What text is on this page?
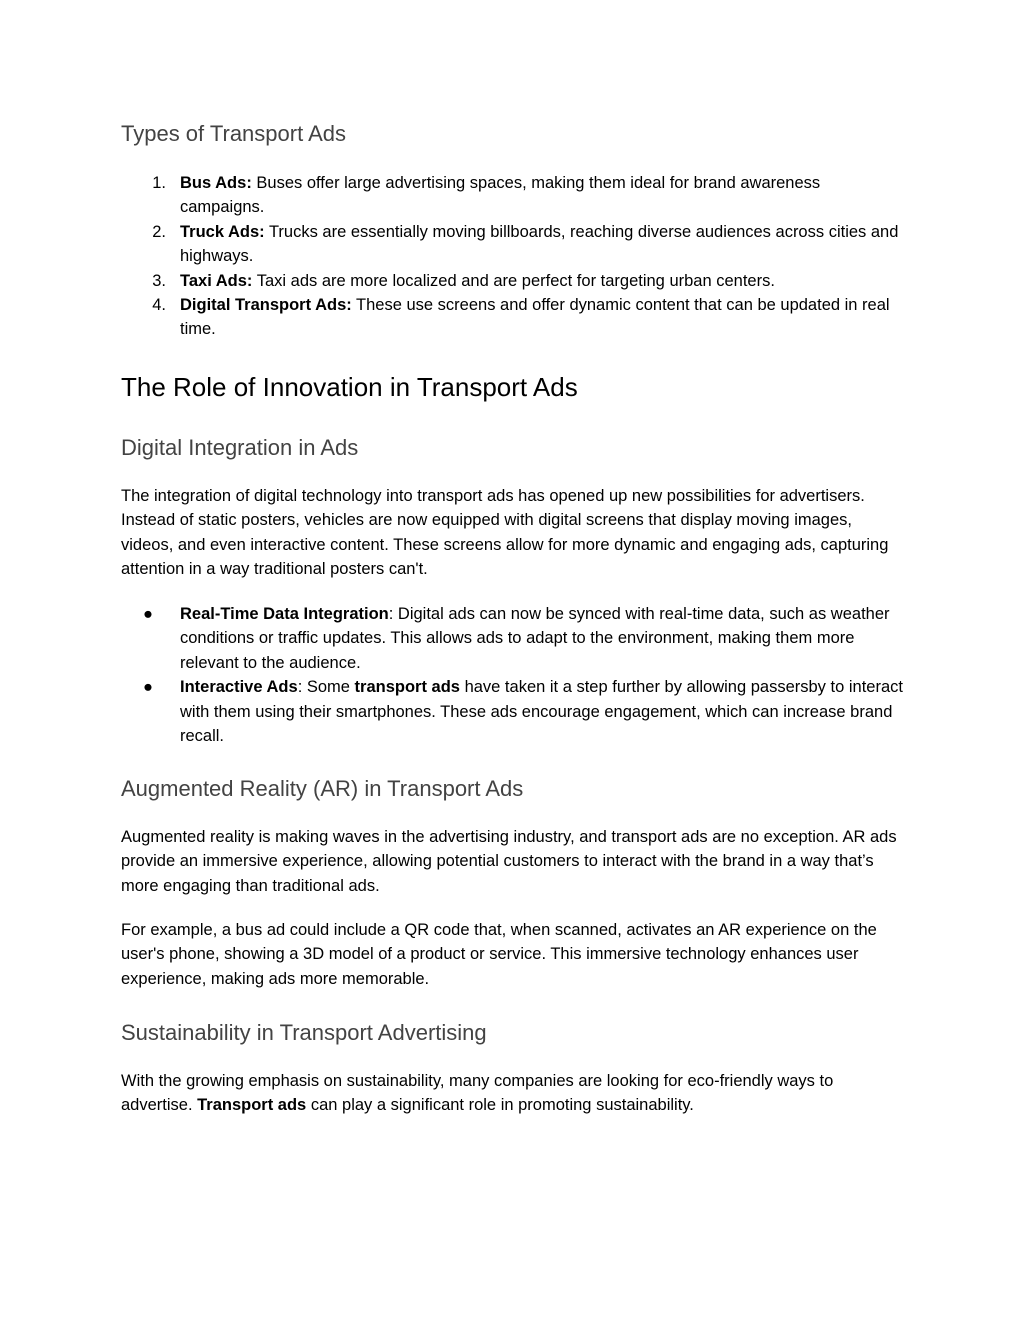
Types of Transport Ads
1. Bus Ads: Buses offer large advertising spaces, making them ideal for brand awareness campaigns.
2. Truck Ads: Trucks are essentially moving billboards, reaching diverse audiences across cities and highways.
3. Taxi Ads: Taxi ads are more localized and are perfect for targeting urban centers.
4. Digital Transport Ads: These use screens and offer dynamic content that can be updated in real time.
The Role of Innovation in Transport Ads
Digital Integration in Ads

The integration of digital technology into transport ads has opened up new possibilities for advertisers. Instead of static posters, vehicles are now equipped with digital screens that display moving images, videos, and even interactive content. These screens allow for more dynamic and engaging ads, capturing attention in a way traditional posters can't.

●	Real-Time Data Integration: Digital ads can now be synced with real-time data, such as weather conditions or traffic updates. This allows ads to adapt to the environment, making them more relevant to the audience.
●	Interactive Ads: Some transport ads have taken it a step further by allowing passersby to interact with them using their smartphones. These ads encourage engagement, which can increase brand recall.
Augmented Reality (AR) in Transport Ads

Augmented reality is making waves in the advertising industry, and transport ads are no exception. AR ads provide an immersive experience, allowing potential customers to interact with the brand in a way that’s more engaging than traditional ads.

For example, a bus ad could include a QR code that, when scanned, activates an AR experience on the user's phone, showing a 3D model of a product or service. This immersive technology enhances user experience, making ads more memorable.

Sustainability in Transport Advertising

With the growing emphasis on sustainability, many companies are looking for eco-friendly ways to advertise. Transport ads can play a significant role in promoting sustainability.
